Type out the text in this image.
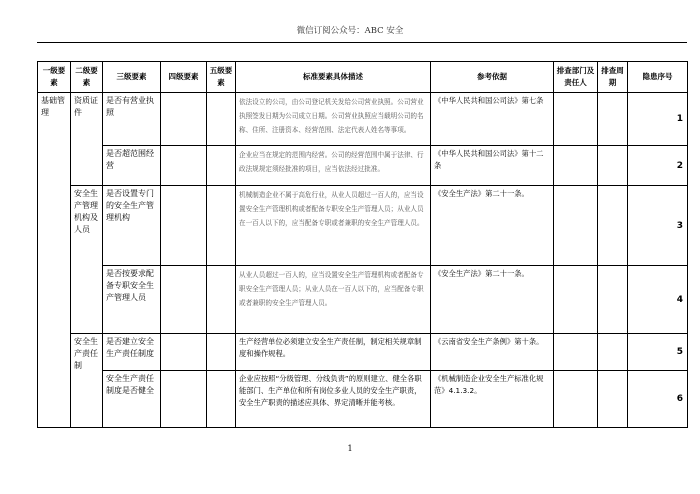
微信订阅公众号：ABC 安全
一级要素	二级要素	三级要素	四级要素	五级要素	标准要素具体描述	参考依据	排查部门及责任人	排查周期	隐患序号
基础管理	资质证件	是否有营业执照			依法设立的公司，由公司登记机关发给公司营业执照。公司营业执照签发日期为公司成立日期。公司营业执照应当载明公司的名称、住所、注册资本、经营范围、法定代表人姓名等事项。	《中华人民共和国公司法》第七条			1
		是否超范围经营			企业应当在规定的范围内经营。公司的经营范围中属于法律、行政法规规定须经批准的项目，应当依法经过批准。	《中华人民共和国公司法》第十二条			2
	安全生产管理机构及人员	是否设置专门的安全生产管理机构			机械制造企业不属于高危行业，从业人员超过一百人的，应当设置安全生产管理机构或者配备专职安全生产管理人员；从业人员在一百人以下的，应当配备专职或者兼职的安全生产管理人员。	《安全生产法》第二十一条。			3
		是否按要求配备专职安全生产管理人员			从业人员超过一百人的，应当设置安全生产管理机构或者配备专职安全生产管理人员；从业人员在一百人以下的，应当配备专职或者兼职的安全生产管理人员。	《安全生产法》第二十一条。			4
	安全生产责任制	是否建立安全生产责任制度			生产经营单位必须建立安全生产责任制，制定相关规章制度和操作规程。	《云南省安全生产条例》第十条。			5
		安全生产责任制度是否健全			企业应按照“分级管理、分线负责”的原则建立、健全各职能部门、生产单位和所有岗位多业人员的安全生产职责，安全生产职责的描述应具体、界定清晰并能考核。	《机械制造企业安全生产标准化规范》4.1.3.2。			6
1
